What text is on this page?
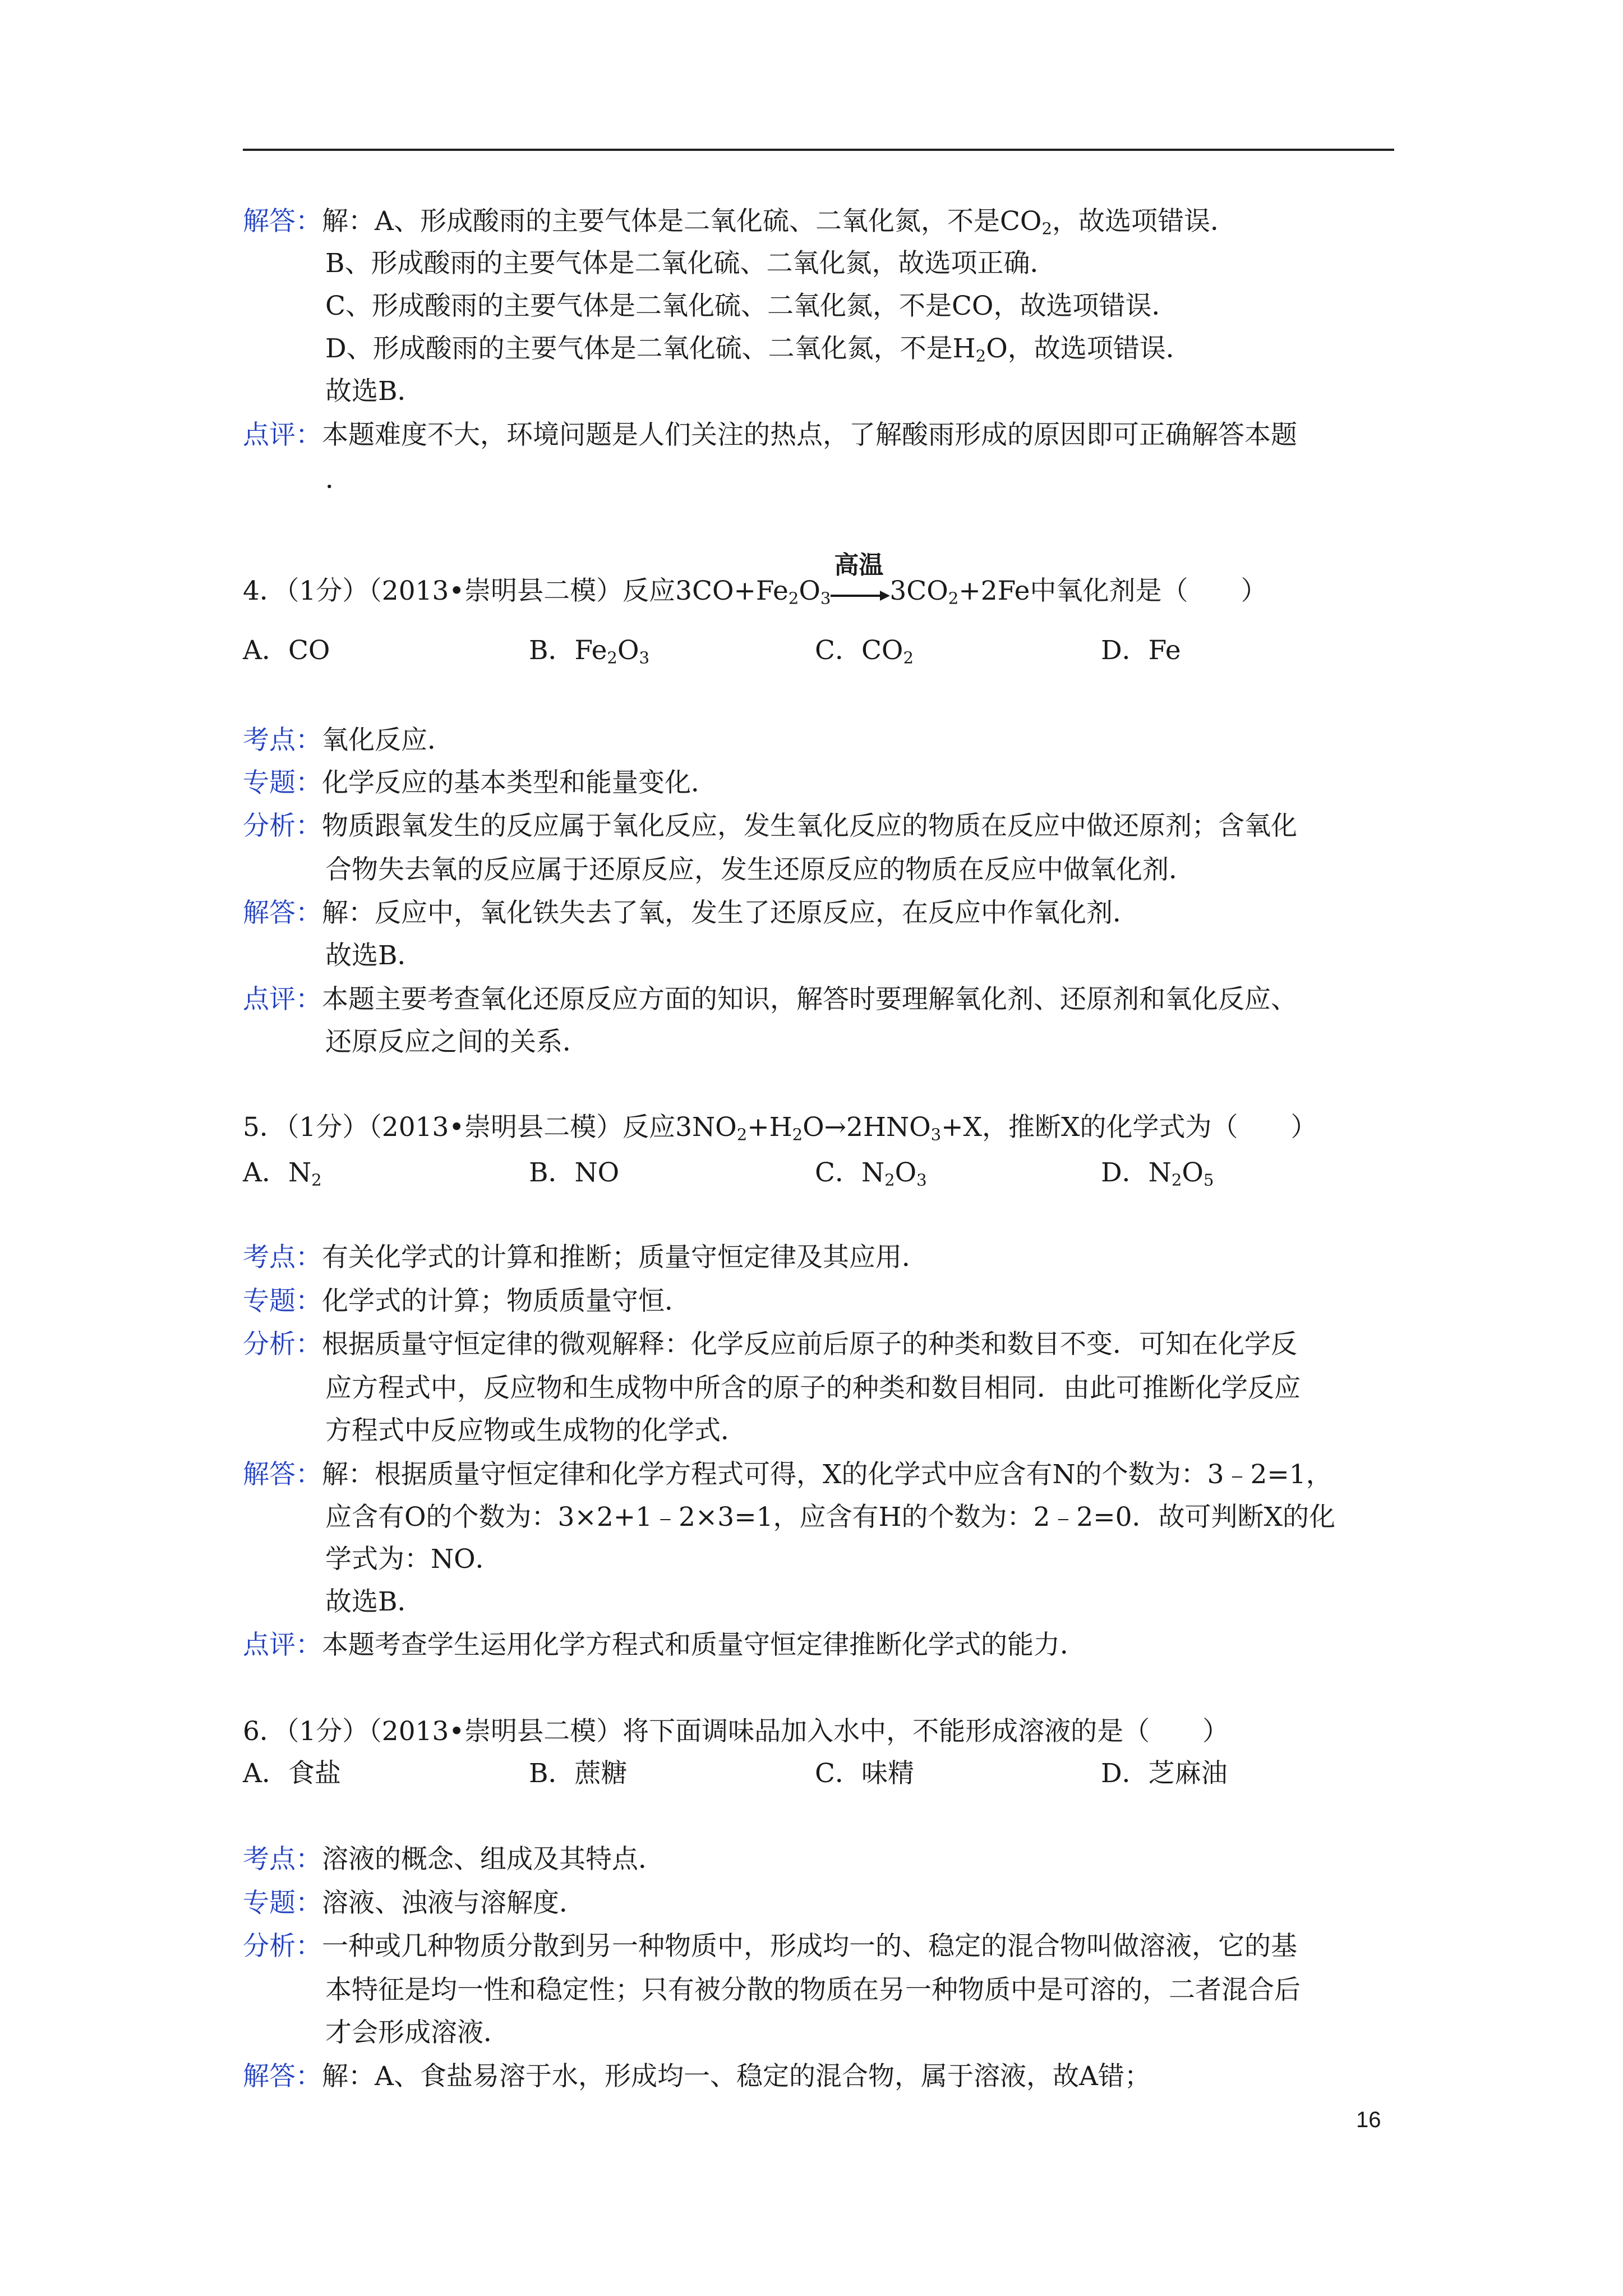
解答：解：A、形成酸雨的主要气体是二氧化硫、二氧化氮，不是$CO_2$，故选项错误．
B、形成酸雨的主要气体是二氧化硫、二氧化氮，故选项正确．
C、形成酸雨的主要气体是二氧化硫、二氧化氮，不是CO，故选项错误．
D、形成酸雨的主要气体是二氧化硫、二氧化氮，不是$H_2O$，故选项错误．
故选B．
点评：本题难度不大，环境问题是人们关注的热点，了解酸雨形成的原因即可正确解答本题
．
4．（1分）（2013•崇明县二模）反应$3CO+Fe_2O_3$
高温
$3CO_2+2Fe$中氧化剂是（　　）
A．CO	B．$Fe_2O_3$	C．$CO_2$	D．Fe
考点：氧化反应．
专题：化学反应的基本类型和能量变化．
分析：物质跟氧发生的反应属于氧化反应，发生氧化反应的物质在反应中做还原剂；含氧化
合物失去氧的反应属于还原反应，发生还原反应的物质在反应中做氧化剂．
解答：解：反应中，氧化铁失去了氧，发生了还原反应，在反应中作氧化剂．
故选B．
点评：本题主要考查氧化还原反应方面的知识，解答时要理解氧化剂、还原剂和氧化反应、
还原反应之间的关系．
5．（1分）（2013•崇明县二模）反应$3NO_2+H_2O\to 2HNO_3+X$，推断X的化学式为（　　）
A．$N_2$	B．NO	C．$N_2O_3$	D．$N_2O_5$
考点：有关化学式的计算和推断；质量守恒定律及其应用．
专题：化学式的计算；物质质量守恒．
分析：根据质量守恒定律的微观解释：化学反应前后原子的种类和数目不变．可知在化学反
应方程式中，反应物和生成物中所含的原子的种类和数目相同．由此可推断化学反应
方程式中反应物或生成物的化学式．
解答：解：根据质量守恒定律和化学方程式可得，X的化学式中应含有N的个数为：3﹣2=1，
应含有O的个数为：3×2+1﹣2×3=1，应含有H的个数为：2﹣2=0．故可判断X的化
学式为：NO．
故选B．
点评：本题考查学生运用化学方程式和质量守恒定律推断化学式的能力．
6．（1分）（2013•崇明县二模）将下面调味品加入水中，不能形成溶液的是（　　）
A．食盐	B．蔗糖	C．味精	D．芝麻油
考点：溶液的概念、组成及其特点．
专题：溶液、浊液与溶解度．
分析：一种或几种物质分散到另一种物质中，形成均一的、稳定的混合物叫做溶液，它的基
本特征是均一性和稳定性；只有被分散的物质在另一种物质中是可溶的，二者混合后
才会形成溶液．
解答：解：A、食盐易溶于水，形成均一、稳定的混合物，属于溶液，故A错；
16
